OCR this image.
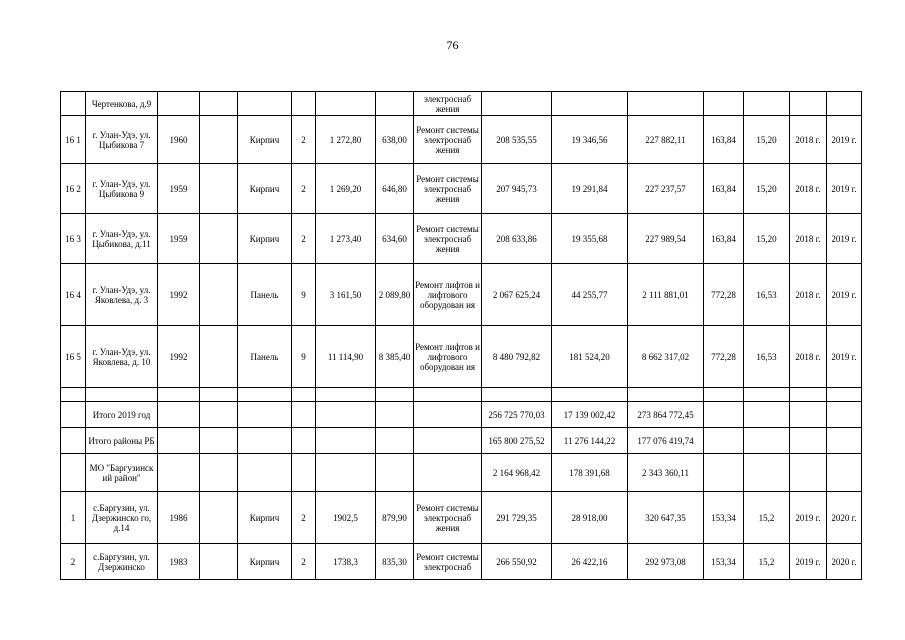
76
	Чертенкова, д.9							электроснаб жения							
16 1	г. Улан-Удэ, ул. Цыбикова 7	1960		Кирпич	2	1 272,80	638,00	Ремонт системы электроснаб жения	208 535,55	19 346,56	227 882,11	163,84	15,20	2018 г.	2019 г.
16 2	г. Улан-Удэ, ул. Цыбикова 9	1959		Кирпич	2	1 269,20	646,80	Ремонт системы электроснаб жения	207 945,73	19 291,84	227 237,57	163,84	15,20	2018 г.	2019 г.
16 3	г. Улан-Удэ, ул. Цыбикова, д.11	1959		Кирпич	2	1 273,40	634,60	Ремонт системы электроснаб жения	208 633,86	19 355,68	227 989,54	163,84	15,20	2018 г.	2019 г.
16 4	г. Улан-Удэ, ул. Яковлева, д. 3	1992		Панель	9	3 161,50	2 089,80	Ремонт лифтов и лифтового оборудован ия	2 067 625,24	44 255,77	2 111 881,01	772,28	16,53	2018 г.	2019 г.
16 5	г. Улан-Удэ, ул. Яковлева, д. 10	1992		Панель	9	11 114,90	8 385,40	Ремонт лифтов и лифтового оборудован ия	8 480 792,82	181 524,20	8 662 317,02	772,28	16,53	2018 г.	2019 г.

	Итого 2019 год								256 725 770,03	17 139 002,42	273 864 772,45				
	Итого районы РБ								165 800 275,52	11 276 144,22	177 076 419,74				
	МО "Баргузинск ий район"								2 164 968,42	178 391,68	2 343 360,11				
1	с.Баргузин, ул. Дзержинско го, д.14	1986		Кирпич	2	1902,5	879,90	Ремонт системы электроснаб жения	291 729,35	28 918,00	320 647,35	153,34	15,2	2019 г.	2020 г.
2	с.Баргузин, ул. Дзержинско	1983		Кирпич	2	1738,3	835,30	Ремонт системы электроснаб	266 550,92	26 422,16	292 973,08	153,34	15,2	2019 г.	2020 г.
